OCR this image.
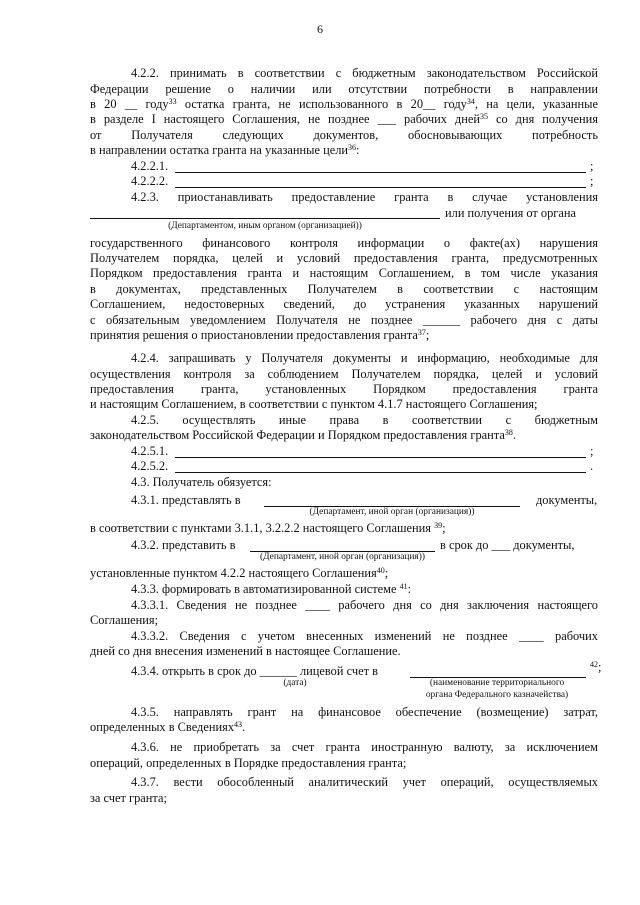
6
4.2.2. принимать в соответствии с бюджетным законодательством Российской
Федерации решение о наличии или отсутствии потребности в направлении
в 20 __ году$^{33}$ остатка гранта, не использованного в 20__ году$^{34}$, на цели, указанные
в разделе I настоящего Соглашения, не позднее ___ рабочих дней$^{35}$ со дня получения
от Получателя следующих документов, обосновывающих потребность
в направлении остатка гранта на указанные цели$^{36}$:
4.2.2.1.	;
4.2.2.2.	;
4.2.3. приостанавливать предоставление гранта в случае установления
или получения от органа
(Департаментом, иным органом (организацией))
государственного финансового контроля информации о факте(ах) нарушения
Получателем порядка, целей и условий предоставления гранта, предусмотренных
Порядком предоставления гранта и настоящим Соглашением, в том числе указания
в документах, представленных Получателем в соответствии с настоящим
Соглашением, недостоверных сведений, до устранения указанных нарушений
с обязательным уведомлением Получателя не позднее ______ рабочего дня с даты
принятия решения о приостановлении предоставления гранта$^{37}$;
4.2.4. запрашивать у Получателя документы и информацию, необходимые для
осуществления контроля за соблюдением Получателем порядка, целей и условий
предоставления гранта, установленных Порядком предоставления гранта
и настоящим Соглашением, в соответствии с пунктом 4.1.7 настоящего Соглашения;
4.2.5. осуществлять иные права в соответствии с бюджетным
законодательством Российской Федерации и Порядком предоставления гранта$^{38}$.
4.2.5.1.	;
4.2.5.2.	.
4.3. Получатель обязуется:
4.3.1. представлять в	документы,
(Департамент, иной орган (организация))
в соответствии с пунктами 3.1.1, 3.2.2.2 настоящего Соглашения $^{39}$;
4.3.2. представить в	в срок до ___ документы,
(Департамент, иной орган (организация))
установленные пунктом 4.2.2 настоящего Соглашения$^{40}$;
4.3.3. формировать в автоматизированной системе $^{41}$:
4.3.3.1. Сведения не позднее ____ рабочего дня со дня заключения настоящего
Соглашения;
4.3.3.2. Сведения с учетом внесенных изменений не позднее ____ рабочих
дней со дня внесения изменений в настоящее Соглашение.
4.3.4. открыть в срок до ______ лицевой счет в	$^{42}$;
(дата)	(наименование территориального
органа Федерального казначейства)
4.3.5. направлять грант на финансовое обеспечение (возмещение) затрат,
определенных в Сведениях$^{43}$.
4.3.6. не приобретать за счет гранта иностранную валюту, за исключением
операций, определенных в Порядке предоставления гранта;
4.3.7. вести обособленный аналитический учет операций, осуществляемых
за счет гранта;
